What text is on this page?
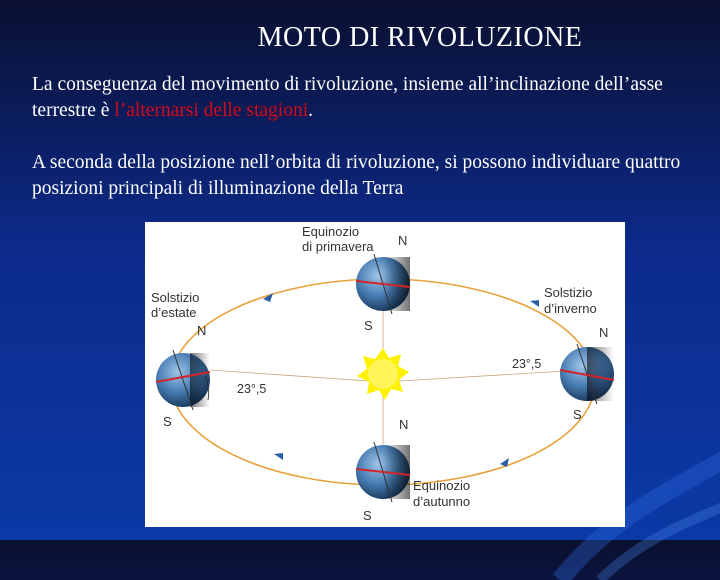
MOTO DI RIVOLUZIONE
La conseguenza del movimento di rivoluzione, insieme all’inclinazione dell’asse terrestre è l’alternarsi delle stagioni.
A seconda della posizione nell’orbita di rivoluzione, si possono individuare quattro posizioni principali di illuminazione della Terra
Equinozio
di primavera N
S
Solstizio
d’estate
N
S
23°,5
Solstizio
d’inverno
N
S
23°,5
N
Equinozio
d’autunno
S
